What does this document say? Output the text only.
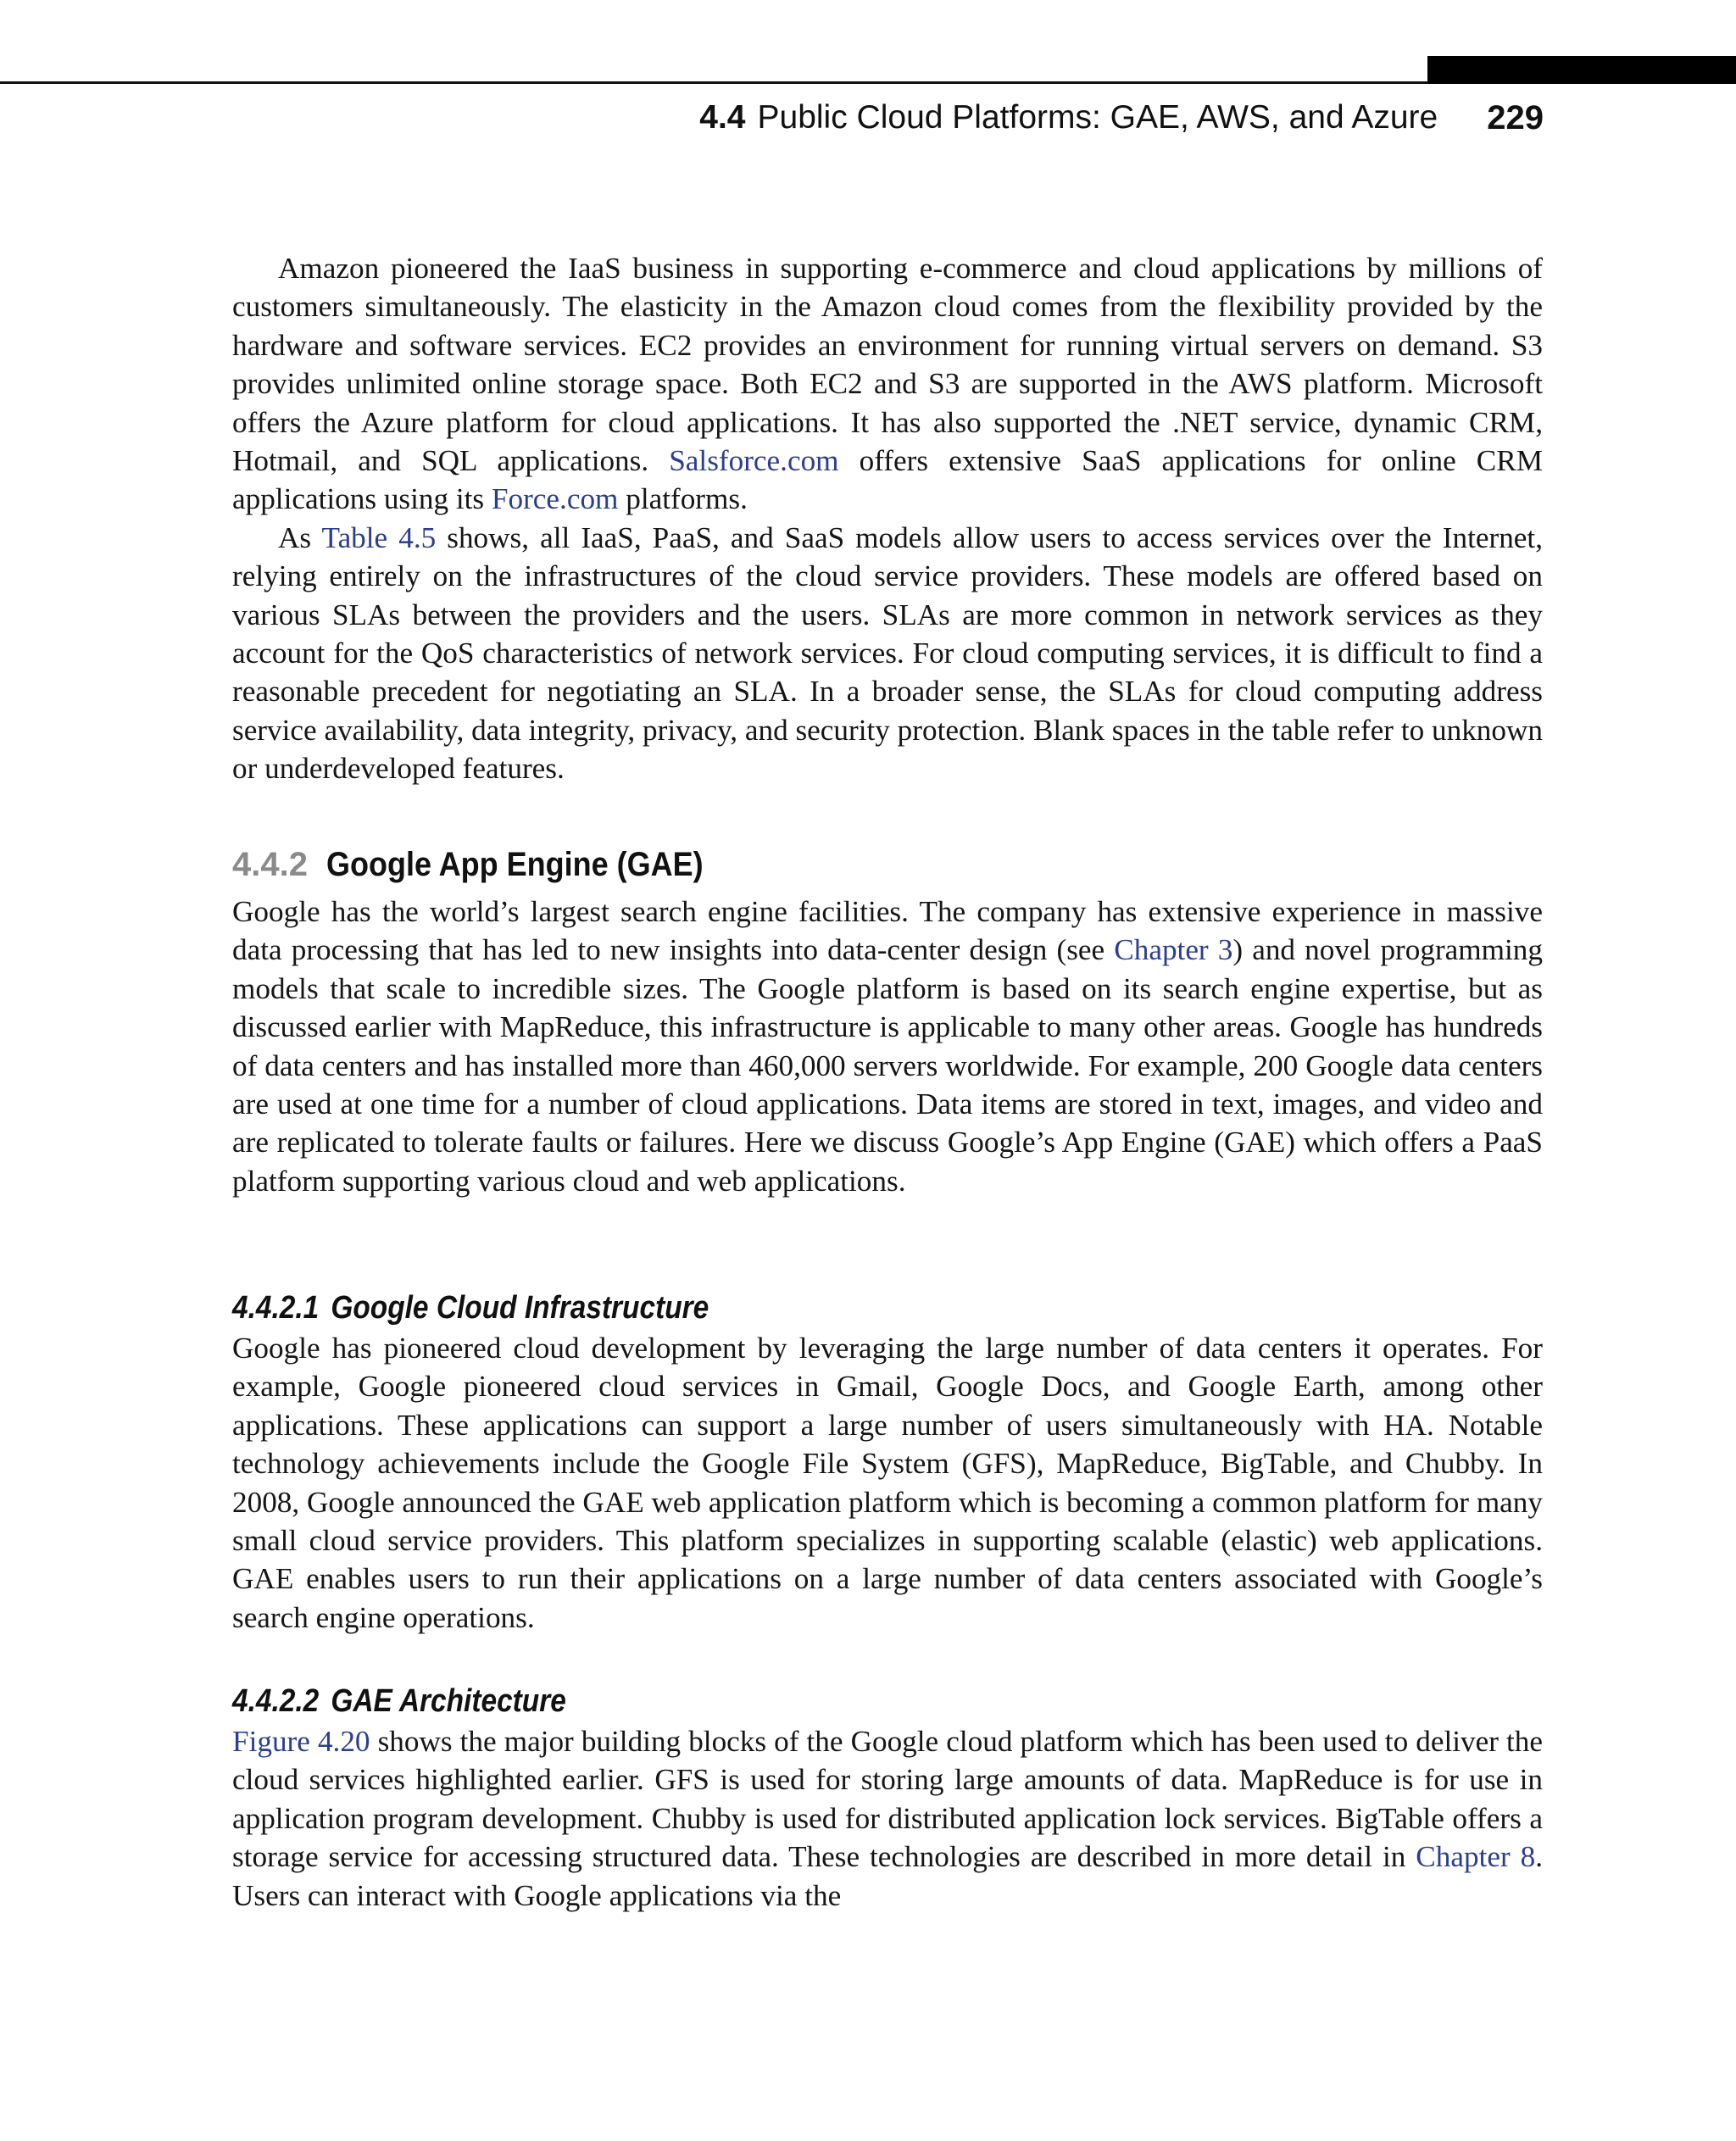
4.4 Public Cloud Platforms: GAE, AWS, and Azure 229

Amazon pioneered the IaaS business in supporting e-commerce and cloud applications by millions of customers simultaneously. The elasticity in the Amazon cloud comes from the flexibility provided by the hardware and software services. EC2 provides an environment for running virtual servers on demand. S3 provides unlimited online storage space. Both EC2 and S3 are supported in the AWS platform. Microsoft offers the Azure platform for cloud applications. It has also supported the .NET service, dynamic CRM, Hotmail, and SQL applications. Salsforce.com offers extensive SaaS applications for online CRM applications using its Force.com platforms.

As Table 4.5 shows, all IaaS, PaaS, and SaaS models allow users to access services over the Internet, relying entirely on the infrastructures of the cloud service providers. These models are offered based on various SLAs between the providers and the users. SLAs are more common in network services as they account for the QoS characteristics of network services. For cloud computing services, it is difficult to find a reasonable precedent for negotiating an SLA. In a broader sense, the SLAs for cloud computing address service availability, data integrity, privacy, and security protection. Blank spaces in the table refer to unknown or underdeveloped features.

4.4.2 Google App Engine (GAE)

Google has the world’s largest search engine facilities. The company has extensive experience in massive data processing that has led to new insights into data-center design (see Chapter 3) and novel programming models that scale to incredible sizes. The Google platform is based on its search engine expertise, but as discussed earlier with MapReduce, this infrastructure is applicable to many other areas. Google has hundreds of data centers and has installed more than 460,000 servers worldwide. For example, 200 Google data centers are used at one time for a number of cloud applications. Data items are stored in text, images, and video and are replicated to tolerate faults or failures. Here we discuss Google’s App Engine (GAE) which offers a PaaS platform supporting various cloud and web applications.

4.4.2.1 Google Cloud Infrastructure

Google has pioneered cloud development by leveraging the large number of data centers it operates. For example, Google pioneered cloud services in Gmail, Google Docs, and Google Earth, among other applications. These applications can support a large number of users simultaneously with HA. Notable technology achievements include the Google File System (GFS), MapReduce, BigTable, and Chubby. In 2008, Google announced the GAE web application platform which is becoming a common platform for many small cloud service providers. This platform specializes in supporting scalable (elastic) web applications. GAE enables users to run their applications on a large number of data centers associated with Google’s search engine operations.

4.4.2.2 GAE Architecture

Figure 4.20 shows the major building blocks of the Google cloud platform which has been used to deliver the cloud services highlighted earlier. GFS is used for storing large amounts of data. MapReduce is for use in application program development. Chubby is used for distributed application lock services. BigTable offers a storage service for accessing structured data. These technologies are described in more detail in Chapter 8. Users can interact with Google applications via the
